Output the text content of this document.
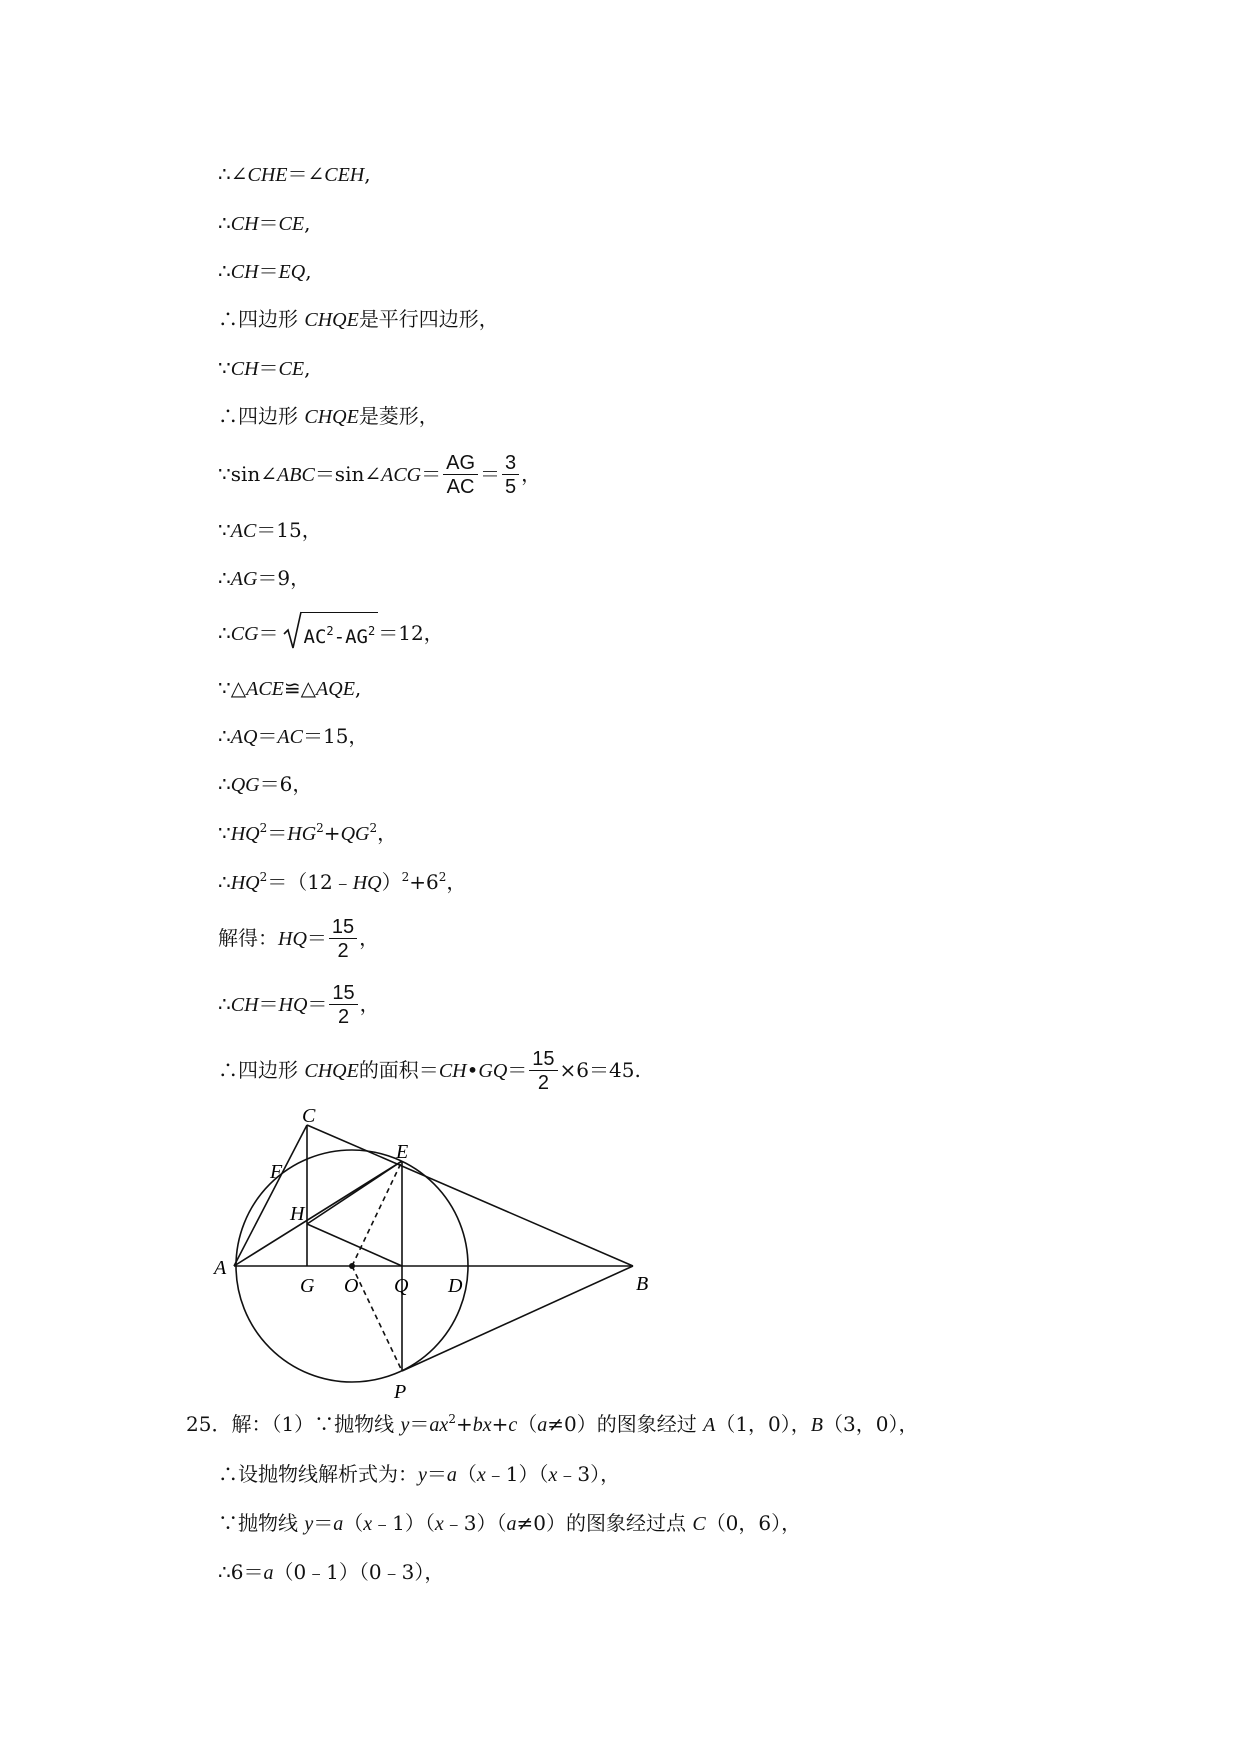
∴∠CHE＝∠CEH,
∴CH＝CE,
∴CH＝EQ,
∴四边形 CHQE是平行四边形，
∵CH＝CE,
∴四边形 CHQE是菱形，
∵sin∠ABC＝sin∠ACG＝ $\frac{AG}{AC} = \frac{3}{5}$ ，
∵AC＝15，
∴AG＝9，
∴CG＝ $AC^2-AG^2 =12$，
∵△ACE≌△AQE,
∴AQ＝AC＝15，
∴QG＝6，
$\because HQ^2=HG^2+QG^2$，
$\therefore HQ^2=(12﹣HQ)^2+6^2$，
解得：$HQ= \frac{15}{2}$ ，
∴CH＝HQ＝ $\frac{15}{2}$ ，
∴四边形 CHQE的面积＝CH•GQ＝ $\frac{15}{2} \times 6=45$.
C
F
E
H
A
G O Q D	B
P
25．解：（1）∵抛物线 $y=ax^2+bx+c(a\ne 0)$的图象经过 A（1，0），B（3，0），
∴设抛物线解析式为：y＝a（x﹣1）（x﹣3），
∵抛物线 y＝a（x﹣1）（x﹣3）（a≠0）的图象经过点 C（0，6），
∴6＝a（0﹣1）（0﹣3），
